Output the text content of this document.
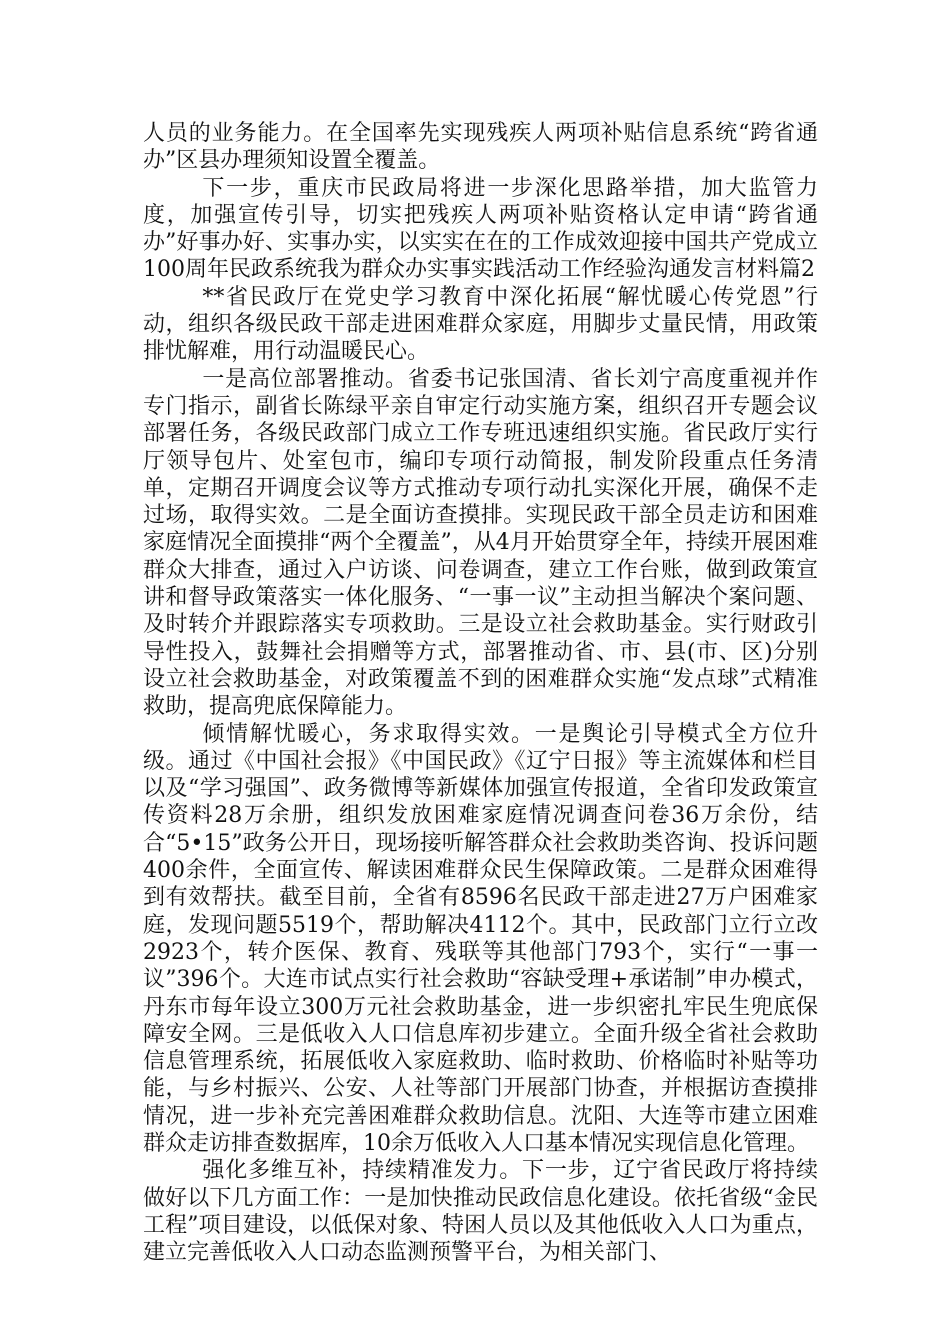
人员的业务能力。在全国率先实现残疾人两项补贴信息系统“跨省通办”区县办理须知设置全覆盖。

下一步，重庆市民政局将进一步深化思路举措，加大监管力度，加强宣传引导，切实把残疾人两项补贴资格认定申请“跨省通办”好事办好、实事办实，以实实在在的工作成效迎接中国共产党成立100周年民政系统我为群众办实事实践活动工作经验沟通发言材料篇2

**省民政厅在党史学习教育中深化拓展“解忧暖心传党恩”行动，组织各级民政干部走进困难群众家庭，用脚步丈量民情，用政策排忧解难，用行动温暖民心。

一是高位部署推动。省委书记张国清、省长刘宁高度重视并作专门指示，副省长陈绿平亲自审定行动实施方案，组织召开专题会议部署任务，各级民政部门成立工作专班迅速组织实施。省民政厅实行厅领导包片、处室包市，编印专项行动简报，制发阶段重点任务清单，定期召开调度会议等方式推动专项行动扎实深化开展，确保不走过场，取得实效。二是全面访查摸排。实现民政干部全员走访和困难家庭情况全面摸排“两个全覆盖”，从4月开始贯穿全年，持续开展困难群众大排查，通过入户访谈、问卷调查，建立工作台账，做到政策宣讲和督导政策落实一体化服务、“一事一议”主动担当解决个案问题、及时转介并跟踪落实专项救助。三是设立社会救助基金。实行财政引导性投入，鼓舞社会捐赠等方式，部署推动省、市、县(市、区)分别设立社会救助基金，对政策覆盖不到的困难群众实施“发点球”式精准救助，提高兜底保障能力。

倾情解忧暖心，务求取得实效。一是舆论引导模式全方位升级。通过《中国社会报》《中国民政》《辽宁日报》等主流媒体和栏目以及“学习强国”、政务微博等新媒体加强宣传报道，全省印发政策宣传资料28万余册，组织发放困难家庭情况调查问卷36万余份，结合“5•15”政务公开日，现场接听解答群众社会救助类咨询、投诉问题400余件，全面宣传、解读困难群众民生保障政策。二是群众困难得到有效帮扶。截至目前，全省有8596名民政干部走进27万户困难家庭，发现问题5519个，帮助解决4112个。其中，民政部门立行立改2923个，转介医保、教育、残联等其他部门793个，实行“一事一议”396个。大连市试点实行社会救助“容缺受理+承诺制”申办模式，丹东市每年设立300万元社会救助基金，进一步织密扎牢民生兜底保障安全网。三是低收入人口信息库初步建立。全面升级全省社会救助信息管理系统，拓展低收入家庭救助、临时救助、价格临时补贴等功能，与乡村振兴、公安、人社等部门开展部门协查，并根据访查摸排情况，进一步补充完善困难群众救助信息。沈阳、大连等市建立困难群众走访排查数据库，10余万低收入人口基本情况实现信息化管理。

强化多维互补，持续精准发力。下一步，辽宁省民政厅将持续做好以下几方面工作：一是加快推动民政信息化建设。依托省级“金民工程”项目建设，以低保对象、特困人员以及其他低收入人口为重点，建立完善低收入人口动态监测预警平台，为相关部门、
